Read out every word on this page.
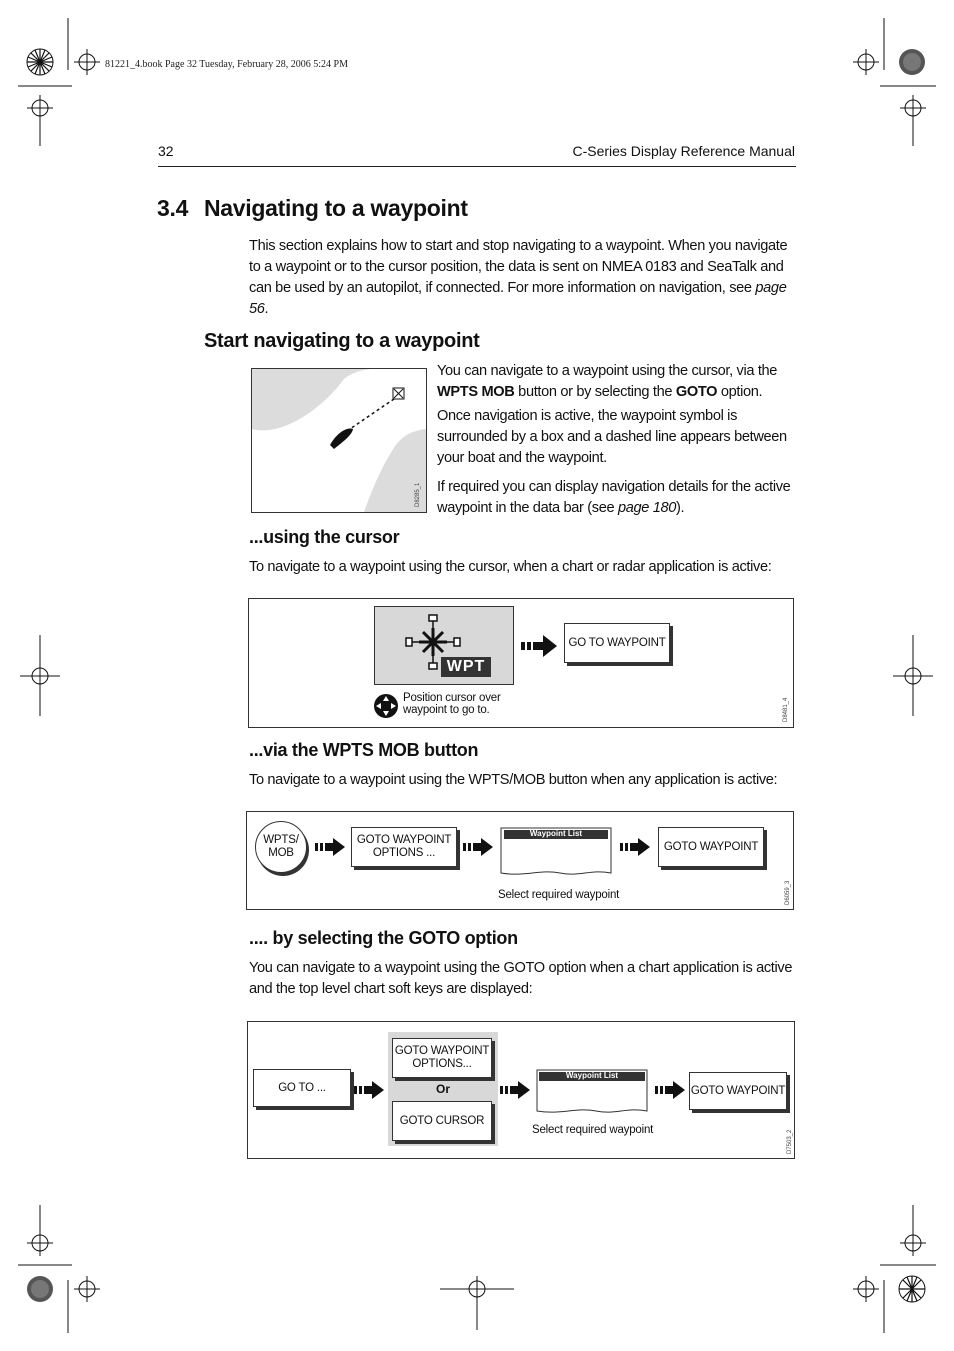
81221_4.book Page 32 Tuesday, February 28, 2006 5:24 PM
32	C-Series Display Reference Manual
3.4 Navigating to a waypoint
This section explains how to start and stop navigating to a waypoint. When you navigate to a waypoint or to the cursor position, the data is sent on NMEA 0183 and SeaTalk and can be used by an autopilot, if connected. For more information on navigation, see page 56.
Start navigating to a waypoint
D8285_1

You can navigate to a waypoint using the cursor, via the WPTS MOB button or by selecting the GOTO option.

Once navigation is active, the waypoint symbol is surrounded by a box and a dashed line appears between your boat and the waypoint.

If required you can display navigation details for the active waypoint in the data bar (see page 180).

...using the cursor
To navigate to a waypoint using the cursor, when a chart or radar application is active:
WPT
GO TO WAYPOINT
Position cursor over
waypoint to go to.	D8481_4
...via the WPTS MOB button
To navigate to a waypoint using the WPTS/MOB button when any application is active:
WPTS/
MOB
GOTO WAYPOINT
OPTIONS ...
Waypoint List
GOTO WAYPOINT
Select required waypoint	D6059_3
.... by selecting the GOTO option
You can navigate to a waypoint using the GOTO option when a chart application is active and the top level chart soft keys are displayed:
GO TO ...
GOTO WAYPOINT
OPTIONS...
Or
GOTO CURSOR
Waypoint List
Select required waypoint
GOTO WAYPOINT
D7503_2
